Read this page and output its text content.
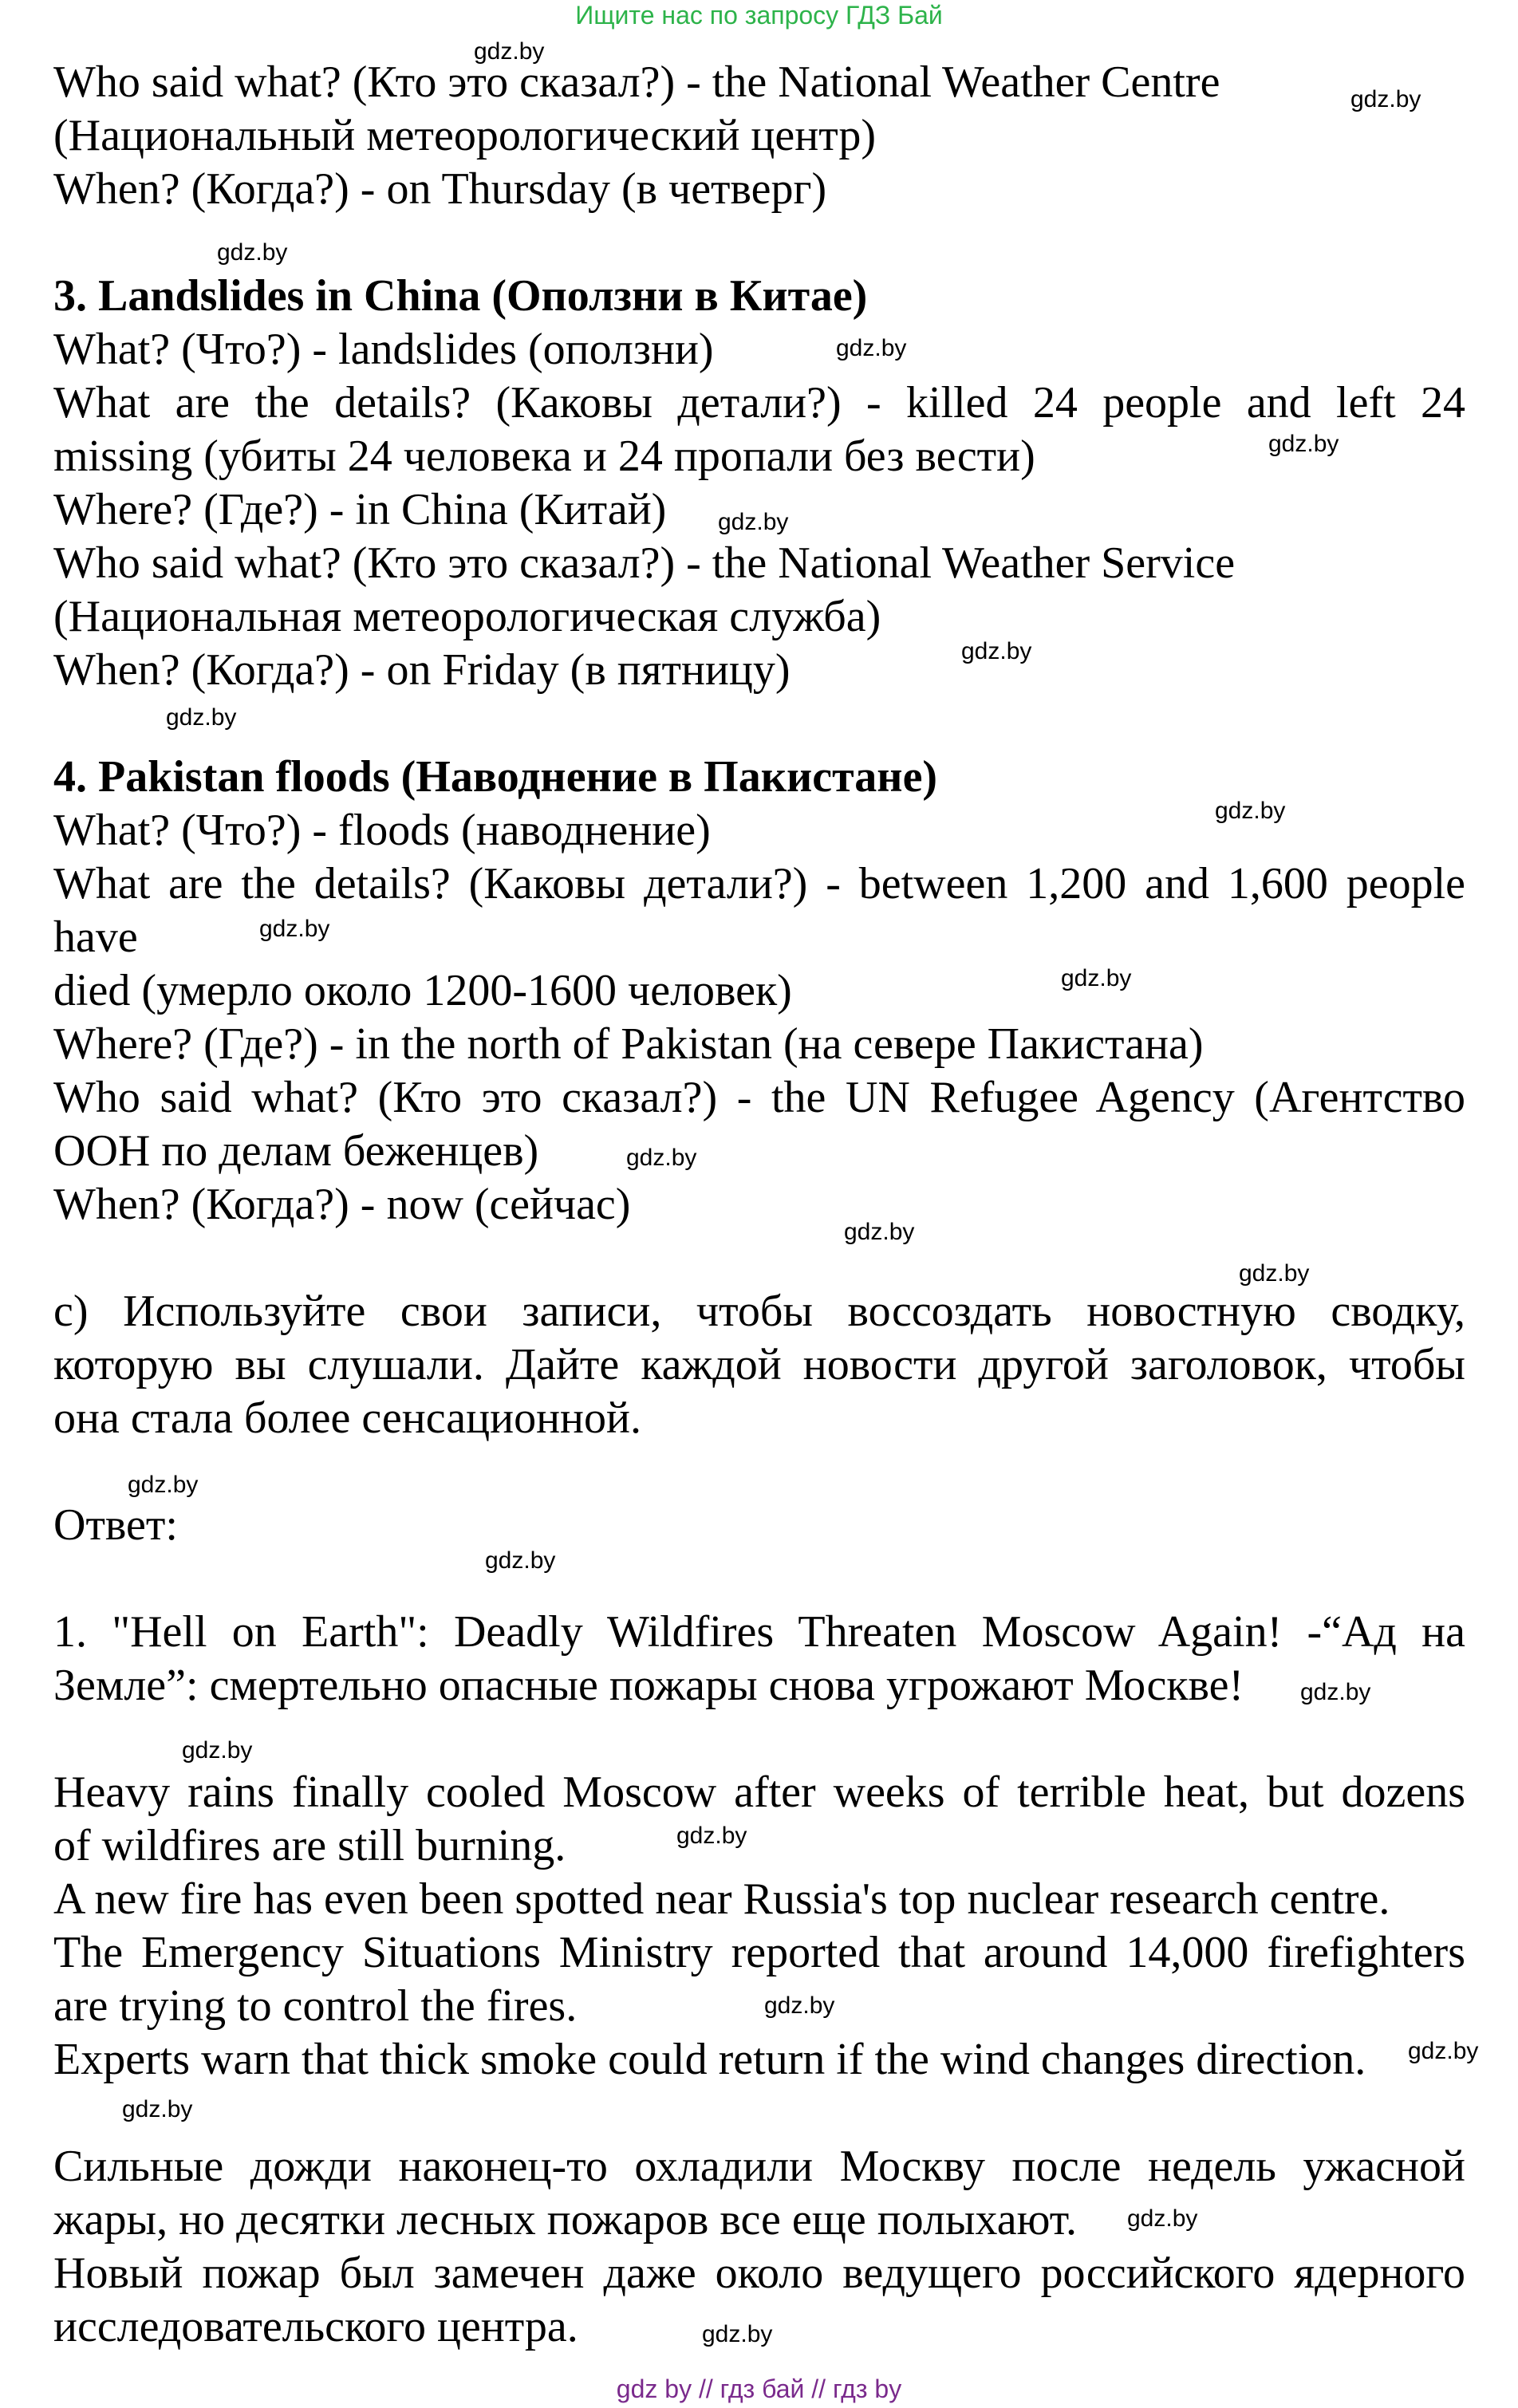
Ищите нас по запросу ГДЗ Бай
Who said what? (Кто это сказал?) - the National Weather Centre
(Национальный метеорологический центр)
When? (Когда?) - on Thursday (в четверг)
3. Landslides in China (Оползни в Китае)
What? (Что?) - landslides (оползни)
What are the details? (Каковы детали?) - killed 24 people and left 24
missing (убиты 24 человека и 24 пропали без вести)
Where? (Где?) - in China (Китай)
Who said what? (Кто это сказал?) - the National Weather Service
(Национальная метеорологическая служба)
When? (Когда?) - on Friday (в пятницу)
4. Pakistan floods (Наводнение в Пакистане)
What? (Что?) - floods (наводнение)
What are the details? (Каковы детали?) - between 1,200 and 1,600 people
have
died (умерло около 1200-1600 человек)
Where? (Где?) - in the north of Pakistan (на севере Пакистана)
Who said what? (Кто это сказал?) - the UN Refugee Agency (Агентство
ООН по делам беженцев)
When? (Когда?) - now (сейчас)
c) Используйте свои записи, чтобы воссоздать новостную сводку,
которую вы слушали. Дайте каждой новости другой заголовок, чтобы
она стала более сенсационной.
Ответ:
1. "Hell on Earth": Deadly Wildfires Threaten Moscow Again! -“Ад на
Земле”: смертельно опасные пожары снова угрожают Москве!
Heavy rains finally cooled Moscow after weeks of terrible heat, but dozens
of wildfires are still burning.
A new fire has even been spotted near Russia's top nuclear research centre.
The Emergency Situations Ministry reported that around 14,000 firefighters
are trying to control the fires.
Experts warn that thick smoke could return if the wind changes direction.
Сильные дожди наконец-то охладили Москву после недель ужасной
жары, но десятки лесных пожаров все еще полыхают.
Новый пожар был замечен даже около ведущего российского ядерного
исследовательского центра.
gdz.by
gdz.by
gdz.by
gdz.by
gdz.by
gdz.by
gdz.by
gdz.by
gdz.by
gdz.by
gdz.by
gdz.by
gdz.by
gdz.by
gdz.by
gdz.by
gdz.by
gdz.by
gdz.by
gdz.by
gdz.by
gdz.by
gdz.by
gdz.by
gdz by // гдз бай // гдз by
